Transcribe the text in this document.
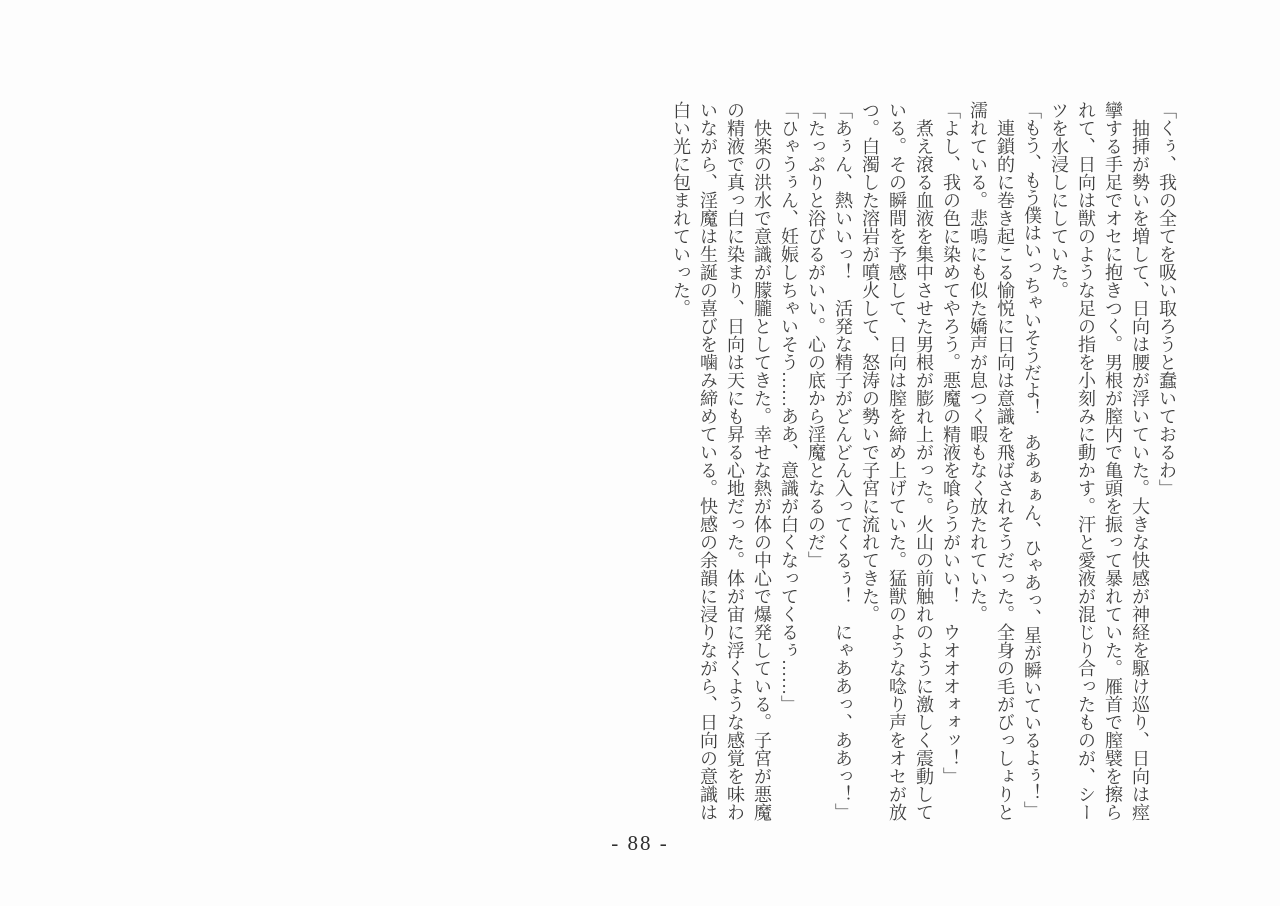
「くぅ、我の全てを吸い取ろうと蠢いておるわ」

抽挿が勢いを増して、日向は腰が浮いていた。大きな快感が神経を駆け巡り、日向は痙攣する手足でオセに抱きつく。男根が膣内で亀頭を振って暴れていた。雁首で膣襞を擦られて、日向は獣のような足の指を小刻みに動かす。汗と愛液が混じり合ったものが、シーツを水浸しにしていた。

「もう、もう僕はいっちゃいそうだよ！　ああぁぁん、ひゃあっ、星が瞬いているよぅ！」

連鎖的に巻き起こる愉悦に日向は意識を飛ばされそうだった。全身の毛がびっしょりと濡れている。悲鳴にも似た嬌声が息つく暇もなく放たれていた。

「よし、我の色に染めてやろう。悪魔の精液を喰らうがいい！　ウオオオォォッ！」

煮え滾る血液を集中させた男根が膨れ上がった。火山の前触れのように激しく震動している。その瞬間を予感して、日向は膣を締め上げていた。猛獣のような唸り声をオセが放つ。白濁した溶岩が噴火して、怒涛の勢いで子宮に流れてきた。

「あぅん、熱いいっ！　活発な精子がどんどん入ってくるぅ！　にゃああっ、ああっ！」

「たっぷりと浴びるがいい。心の底から淫魔となるのだ」

「ひゃうぅん、妊娠しちゃいそう……ああ、意識が白くなってくるぅ……」

快楽の洪水で意識が朦朧としてきた。幸せな熱が体の中心で爆発している。子宮が悪魔の精液で真っ白に染まり、日向は天にも昇る心地だった。体が宙に浮くような感覚を味わいながら、淫魔は生誕の喜びを噛み締めている。快感の余韻に浸りながら、日向の意識は白い光に包まれていった。

- 88 -
